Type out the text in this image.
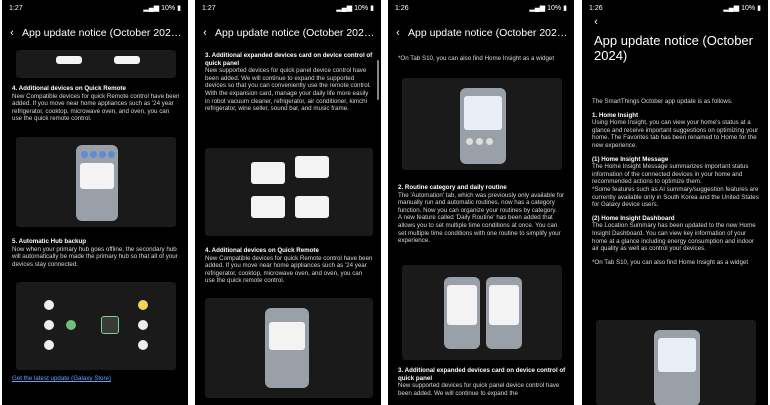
1:27	▂▄▆ 10% ▮
‹ App update notice (October 202…

4. Additional devices on Quick Remote
New Compatible devices for quick Remote control have been added. If you move near home appliances such as '24 year refrigerator, cooktop, microwave oven, and oven, you can use the quick remote control.

5. Automatic Hub backup
Now when your primary hub goes offline, the secondary hub will automatically be made the primary hub so that all of your devices stay connected.

Get the latest update (Galaxy Store)
1:27	▂▄▆ 10% ▮
‹ App update notice (October 202…

3. Additional expanded devices card on device control of quick panel
New supported devices for quick panel device control have been added. We will continue to expand the supported devices so that you can conveniently use the remote control.
With the expansion card, manage your daily life more easily in robot vacuum cleaner, refrigerator, air conditioner, kimchi refrigerator, wine seller, sound bar, and music frame.

4. Additional devices on Quick Remote
New Compatible devices for quick Remote control have been added. If you move near home appliances such as '24 year refrigerator, cooktop, microwave oven, and oven, you can use the quick remote control.

1:26	▂▄▆ 10% ▮
‹ App update notice (October 202…
*On Tab S10, you can also find Home Insight as a widget

2. Routine category and daily routine
The 'Automation' tab, which was previously only available for manually run and automatic routines, now has a category function. Now you can organize your routines by category.
A new feature called 'Daily Routine' has been added that allows you to set multiple time conditions at once. You can set multiple time conditions with one routine to simplify your experience.

3. Additional expanded devices card on device control of quick panel
New supported devices for quick panel device control have been added. We will continue to expand the

1:26	▂▄▆ 10% ▮
‹
App update notice (October 2024)

The SmartThings October app update is as follows.

1. Home Insight
Using Home Insight, you can view your home's status at a glance and receive important suggestions on optimizing your home. The Favorites tab has been renamed to Home for the new experience.

(1) Home Insight Message
The Home Insight Message summarizes important status information of the connected devices in your home and recommended actions to optimize them.
*Some features such as AI summary/suggestion features are currently available only in South Korea and the United States for Galaxy device users.

(2) Home Insight Dashboard
The Location Summary has been updated to the new Home Insight Dashboard. You can view key information of your home at a glance including energy consumption and indoor air quality as well as control your devices.

*On Tab S10, you can also find Home Insight as a widget
